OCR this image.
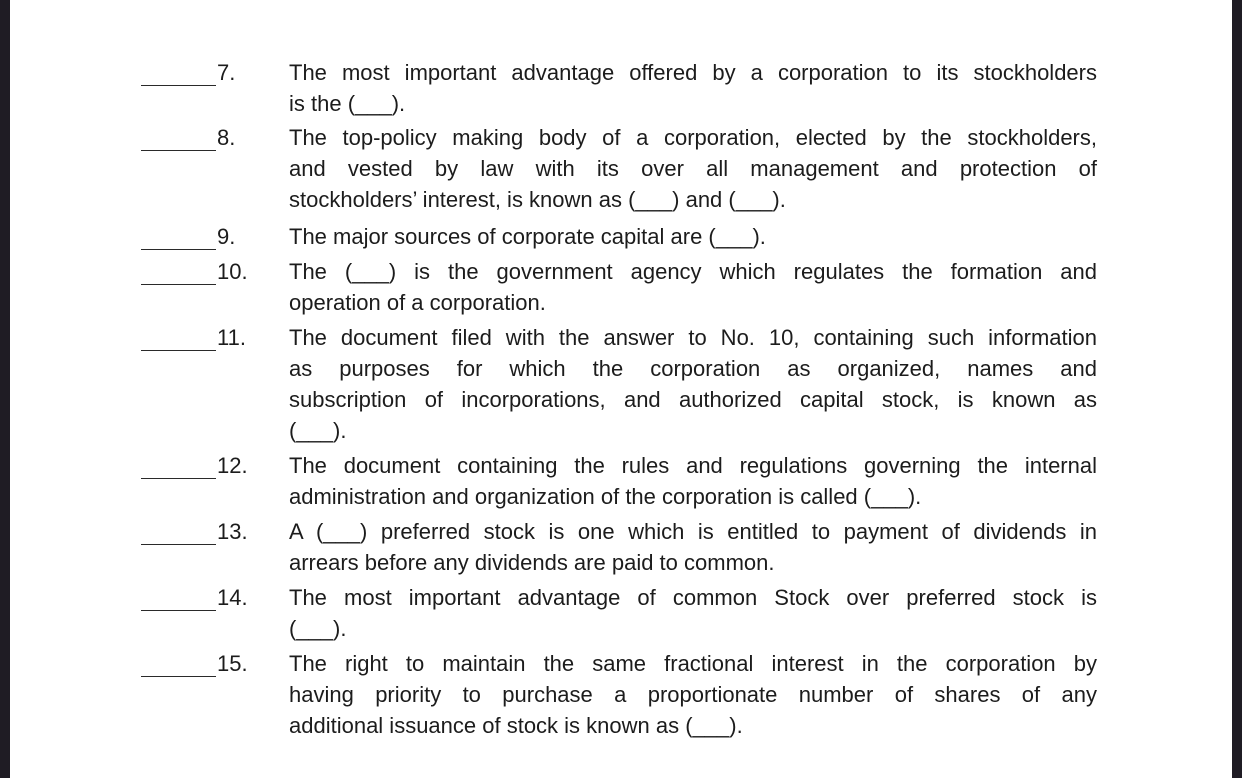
7. The most important advantage offered by a corporation to its stockholders
is the (___).
8. The top-policy making body of a corporation, elected by the stockholders,
and vested by law with its over all management and protection of
stockholders’ interest, is known as (___) and (___).
9. The major sources of corporate capital are (___).
10. The (___) is the government agency which regulates the formation and
operation of a corporation.
11. The document filed with the answer to No. 10, containing such information
as purposes for which the corporation as organized, names and
subscription of incorporations, and authorized capital stock, is known as
(___).
12. The document containing the rules and regulations governing the internal
administration and organization of the corporation is called (___).
13. A (___) preferred stock is one which is entitled to payment of dividends in
arrears before any dividends are paid to common.
14. The most important advantage of common Stock over preferred stock is
(___).
15. The right to maintain the same fractional interest in the corporation by
having priority to purchase a proportionate number of shares of any
additional issuance of stock is known as (___).
